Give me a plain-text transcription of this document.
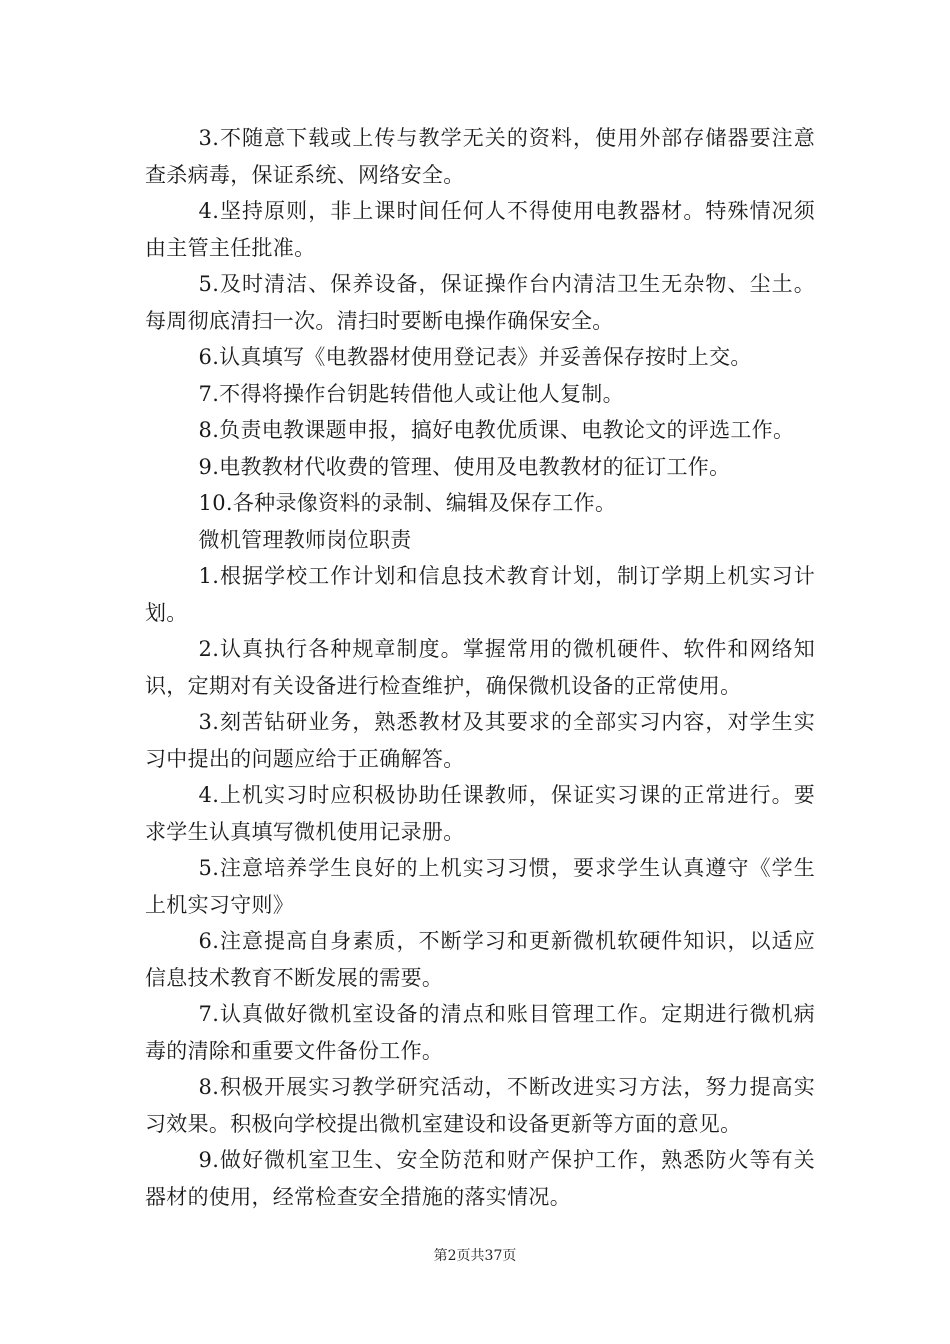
3.不随意下载或上传与教学无关的资料，使用外部存储器要注意查杀病毒，保证系统、网络安全。

4.坚持原则，非上课时间任何人不得使用电教器材。特殊情况须由主管主任批准。

5.及时清洁、保养设备，保证操作台内清洁卫生无杂物、尘土。每周彻底清扫一次。清扫时要断电操作确保安全。

6.认真填写《电教器材使用登记表》并妥善保存按时上交。

7.不得将操作台钥匙转借他人或让他人复制。

8.负责电教课题申报，搞好电教优质课、电教论文的评选工作。

9.电教教材代收费的管理、使用及电教教材的征订工作。

10.各种录像资料的录制、编辑及保存工作。

微机管理教师岗位职责

1.根据学校工作计划和信息技术教育计划，制订学期上机实习计划。

2.认真执行各种规章制度。掌握常用的微机硬件、软件和网络知识，定期对有关设备进行检查维护，确保微机设备的正常使用。

3.刻苦钻研业务，熟悉教材及其要求的全部实习内容，对学生实习中提出的问题应给于正确解答。

4.上机实习时应积极协助任课教师，保证实习课的正常进行。要求学生认真填写微机使用记录册。

5.注意培养学生良好的上机实习习惯，要求学生认真遵守《学生上机实习守则》

6.注意提高自身素质，不断学习和更新微机软硬件知识，以适应信息技术教育不断发展的需要。

7.认真做好微机室设备的清点和账目管理工作。定期进行微机病毒的清除和重要文件备份工作。

8.积极开展实习教学研究活动，不断改进实习方法，努力提高实习效果。积极向学校提出微机室建设和设备更新等方面的意见。

9.做好微机室卫生、安全防范和财产保护工作，熟悉防火等有关器材的使用，经常检查安全措施的落实情况。

第2页共37页
